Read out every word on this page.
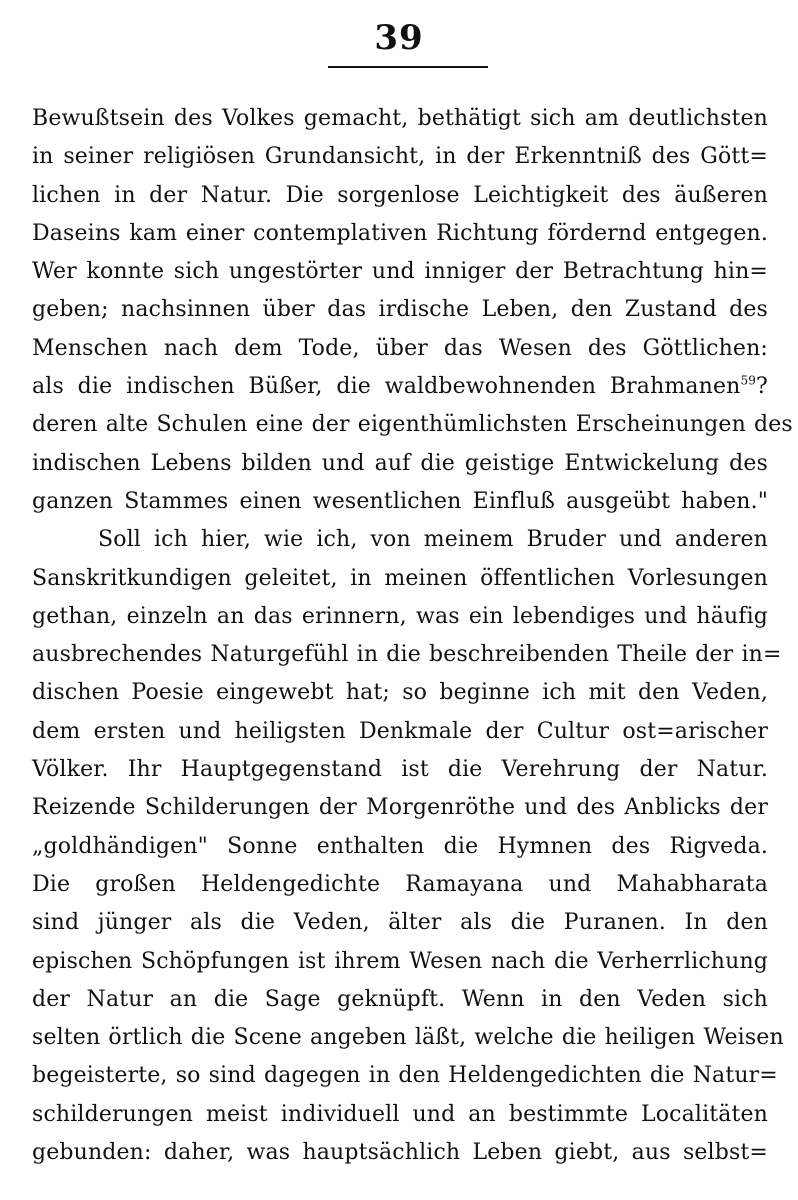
39
Bewußtsein des Volkes gemacht, bethätigt sich am deutlichsten
in seiner religiösen Grundansicht, in der Erkenntniß des Gött=
lichen in der Natur. Die sorgenlose Leichtigkeit des äußeren
Daseins kam einer contemplativen Richtung fördernd entgegen.
Wer konnte sich ungestörter und inniger der Betrachtung hin=
geben; nachsinnen über das irdische Leben, den Zustand des
Menschen nach dem Tode, über das Wesen des Göttlichen:
als die indischen Büßer, die waldbewohnenden Brahmanen$^{59}$?
deren alte Schulen eine der eigenthümlichsten Erscheinungen des
indischen Lebens bilden und auf die geistige Entwickelung des
ganzen Stammes einen wesentlichen Einfluß ausgeübt haben."
Soll ich hier, wie ich, von meinem Bruder und anderen
Sanskritkundigen geleitet, in meinen öffentlichen Vorlesungen
gethan, einzeln an das erinnern, was ein lebendiges und häufig
ausbrechendes Naturgefühl in die beschreibenden Theile der in=
dischen Poesie eingewebt hat; so beginne ich mit den Veden,
dem ersten und heiligsten Denkmale der Cultur ost=arischer
Völker. Ihr Hauptgegenstand ist die Verehrung der Natur.
Reizende Schilderungen der Morgenröthe und des Anblicks der
„goldhändigen" Sonne enthalten die Hymnen des Rigveda.
Die großen Heldengedichte Ramayana und Mahabharata
sind jünger als die Veden, älter als die Puranen. In den
epischen Schöpfungen ist ihrem Wesen nach die Verherrlichung
der Natur an die Sage geknüpft. Wenn in den Veden sich
selten örtlich die Scene angeben läßt, welche die heiligen Weisen
begeisterte, so sind dagegen in den Heldengedichten die Natur=
schilderungen meist individuell und an bestimmte Localitäten
gebunden: daher, was hauptsächlich Leben giebt, aus selbst=
